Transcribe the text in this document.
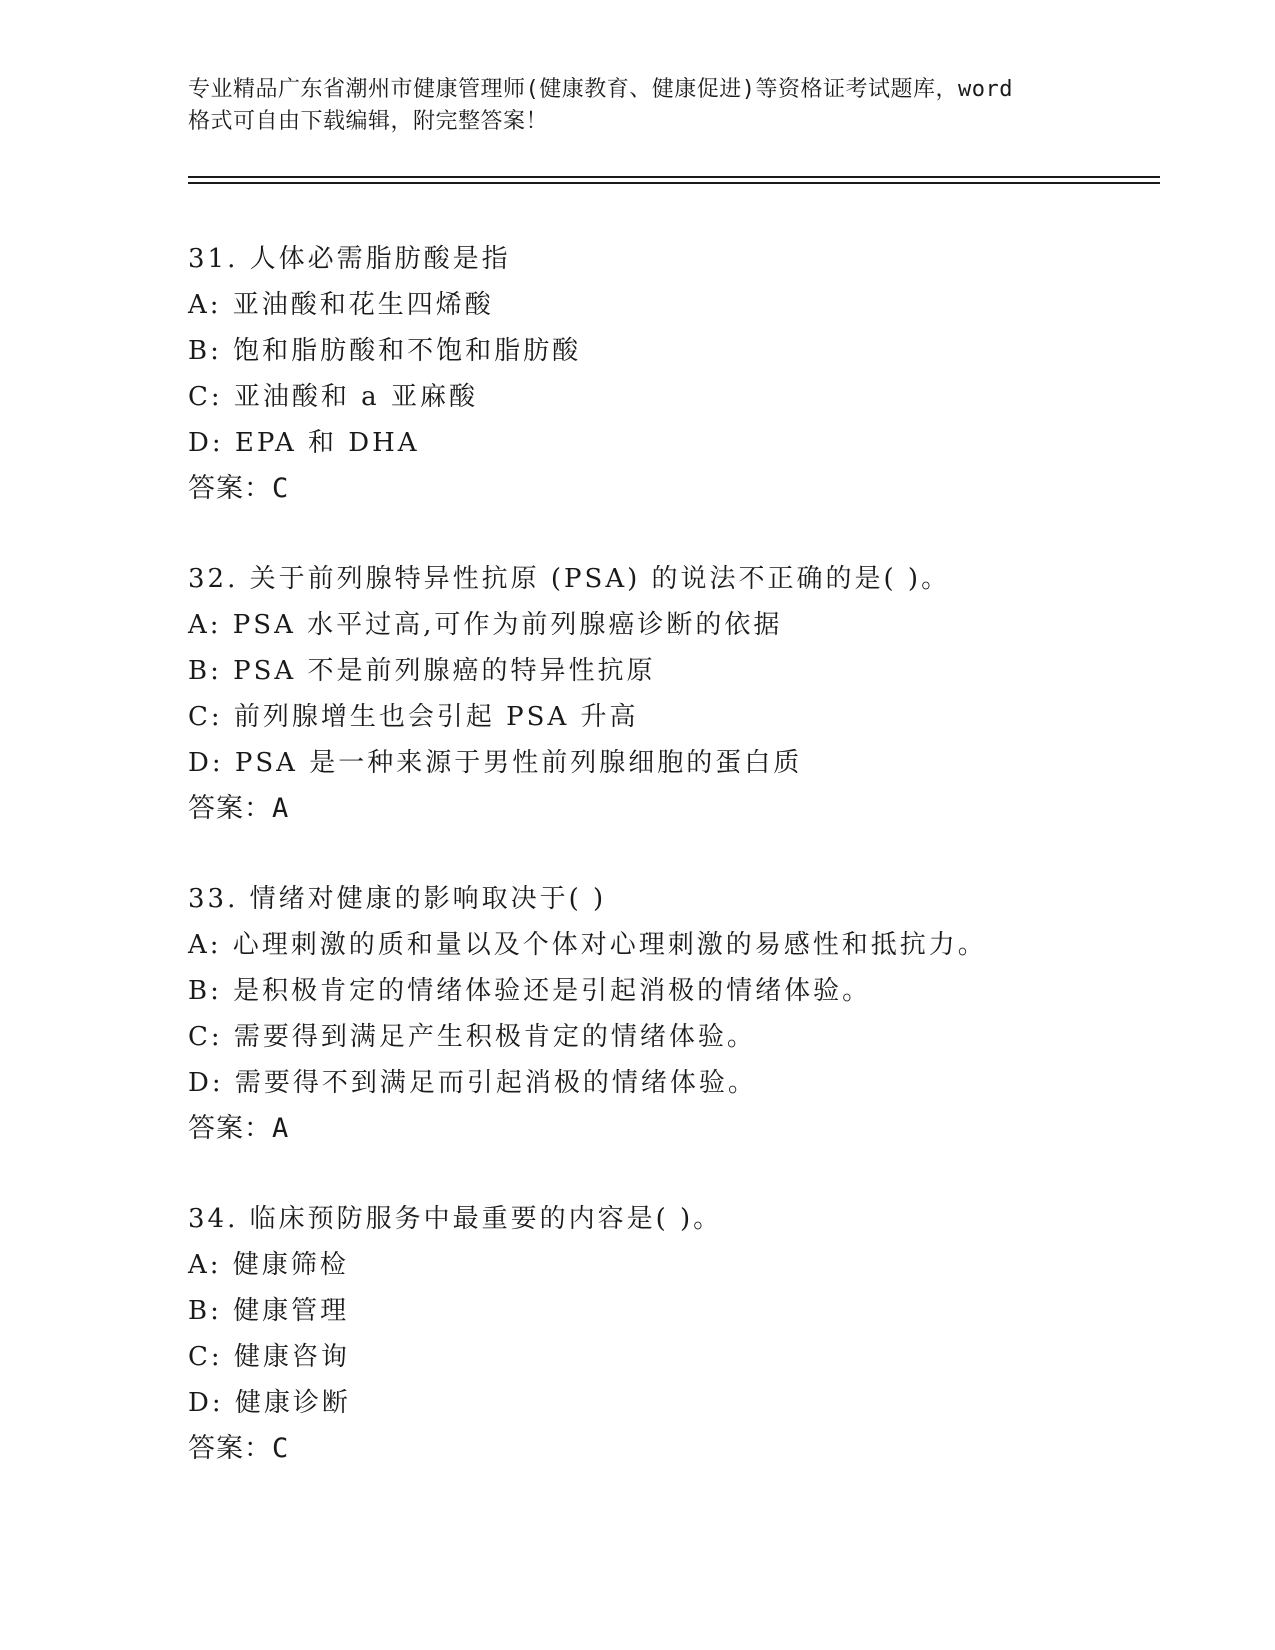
专业精品广东省潮州市健康管理师(健康教育、健康促进)等资格证考试题库，word
格式可自由下载编辑，附完整答案！
31. 人体必需脂肪酸是指
A: 亚油酸和花生四烯酸
B: 饱和脂肪酸和不饱和脂肪酸
C: 亚油酸和 a 亚麻酸
D: EPA 和 DHA
答案：C
32. 关于前列腺特异性抗原 (PSA) 的说法不正确的是( )。
A: PSA 水平过高,可作为前列腺癌诊断的依据
B: PSA 不是前列腺癌的特异性抗原
C: 前列腺增生也会引起 PSA 升高
D: PSA 是一种来源于男性前列腺细胞的蛋白质
答案：A
33. 情绪对健康的影响取决于( )
A: 心理刺激的质和量以及个体对心理刺激的易感性和抵抗力。
B: 是积极肯定的情绪体验还是引起消极的情绪体验。
C: 需要得到满足产生积极肯定的情绪体验。
D: 需要得不到满足而引起消极的情绪体验。
答案：A
34. 临床预防服务中最重要的内容是( )。
A: 健康筛检
B: 健康管理
C: 健康咨询
D: 健康诊断
答案：C
